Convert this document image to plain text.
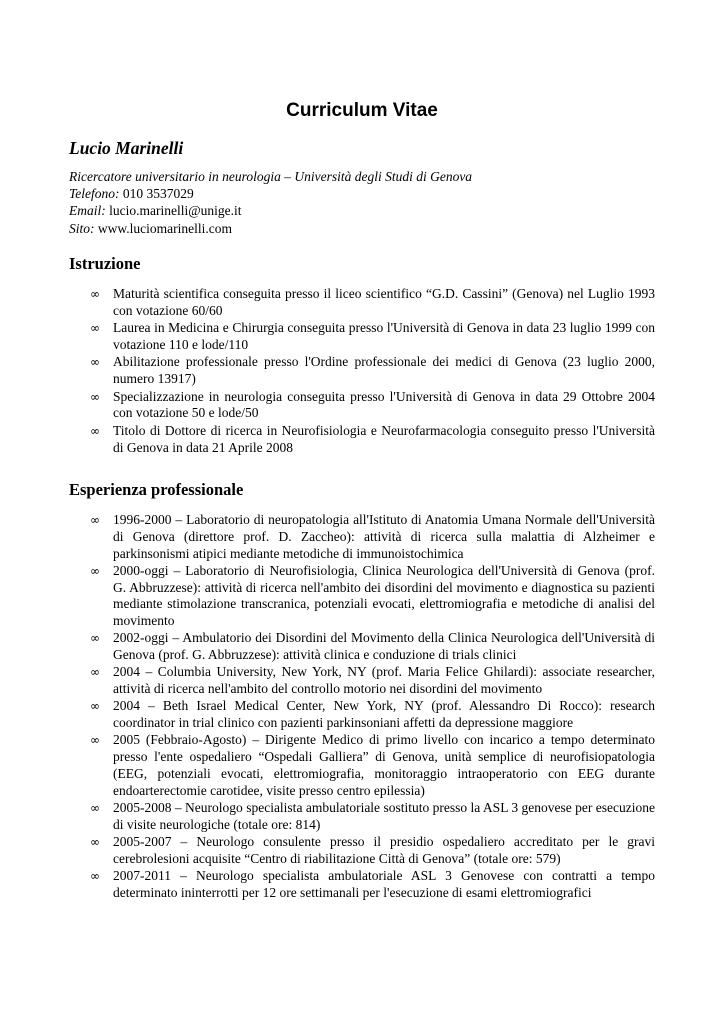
Curriculum Vitae
Lucio Marinelli
Ricercatore universitario in neurologia – Università degli Studi di Genova
Telefono: 010 3537029
Email: lucio.marinelli@unige.it
Sito: www.luciomarinelli.com
Istruzione
∞ Maturità scientifica conseguita presso il liceo scientifico “G.D. Cassini” (Genova) nel Luglio 1993 con votazione 60/60
∞ Laurea in Medicina e Chirurgia conseguita presso l'Università di Genova in data 23 luglio 1999 con votazione 110 e lode/110
∞ Abilitazione professionale presso l'Ordine professionale dei medici di Genova (23 luglio 2000, numero 13917)
∞ Specializzazione in neurologia conseguita presso l'Università di Genova in data 29 Ottobre 2004 con votazione 50 e lode/50
∞ Titolo di Dottore di ricerca in Neurofisiologia e Neurofarmacologia conseguito presso l'Università di Genova in data 21 Aprile 2008
Esperienza professionale
∞ 1996-2000 – Laboratorio di neuropatologia all'Istituto di Anatomia Umana Normale dell'Università di Genova (direttore prof. D. Zaccheo): attività di ricerca sulla malattia di Alzheimer e parkinsonismi atipici mediante metodiche di immunoistochimica
∞ 2000-oggi – Laboratorio di Neurofisiologia, Clinica Neurologica dell'Università di Genova (prof. G. Abbruzzese): attività di ricerca nell'ambito dei disordini del movimento e diagnostica su pazienti mediante stimolazione transcranica, potenziali evocati, elettromiografia e metodiche di analisi del movimento
∞ 2002-oggi – Ambulatorio dei Disordini del Movimento della Clinica Neurologica dell'Università di Genova (prof. G. Abbruzzese): attività clinica e conduzione di trials clinici
∞ 2004 – Columbia University, New York, NY (prof. Maria Felice Ghilardi): associate researcher, attività di ricerca nell'ambito del controllo motorio nei disordini del movimento
∞ 2004 – Beth Israel Medical Center, New York, NY (prof. Alessandro Di Rocco): research coordinator in trial clinico con pazienti parkinsoniani affetti da depressione maggiore
∞ 2005 (Febbraio-Agosto) – Dirigente Medico di primo livello con incarico a tempo determinato presso l'ente ospedaliero “Ospedali Galliera” di Genova, unità semplice di neurofisiopatologia (EEG, potenziali evocati, elettromiografia, monitoraggio intraoperatorio con EEG durante endoarterectomie carotidee, visite presso centro epilessia)
∞ 2005-2008 – Neurologo specialista ambulatoriale sostituto presso la ASL 3 genovese per esecuzione di visite neurologiche (totale ore: 814)
∞ 2005-2007 – Neurologo consulente presso il presidio ospedaliero accreditato per le gravi cerebrolesioni acquisite “Centro di riabilitazione Città di Genova” (totale ore: 579)
∞ 2007-2011 – Neurologo specialista ambulatoriale ASL 3 Genovese con contratti a tempo determinato ininterrotti per 12 ore settimanali per l'esecuzione di esami elettromiografici
